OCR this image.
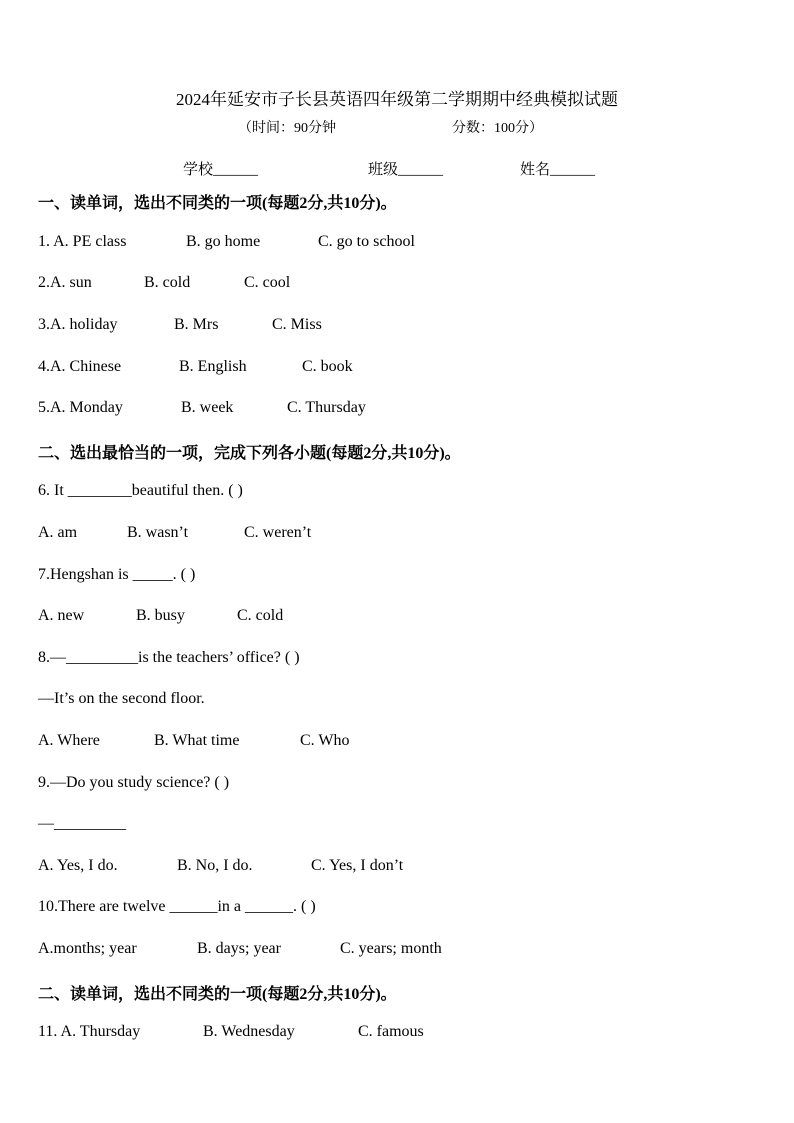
2024年延安市子长县英语四年级第二学期期中经典模拟试题
（时间：90分钟	分数：100分）
学校______	班级______	姓名______
一、读单词，选出不同类的一项(每题2分,共10分)。
1. A. PE class	B. go home	C. go to school
2.A. sun	B. cold	C. cool
3.A. holiday	B. Mrs	C. Miss
4.A. Chinese	B. English	C. book
5.A. Monday	B. week	C. Thursday
二、选出最恰当的一项，完成下列各小题(每题2分,共10分)。
6. It ________beautiful then. ( )
A. am	B. wasn’t	C. weren’t
7.Hengshan is _____. ( )
A. new	B. busy	C. cold
8.—_________is the teachers’ office? ( )
—It’s on the second floor.
A. Where	B. What time	C. Who
9.—Do you study science? ( )
—_________
A. Yes, I do.	B. No, I do.	C. Yes, I don’t
10.There are twelve ______in a ______. ( )
A.months; year	B. days; year	C. years; month
二、读单词，选出不同类的一项(每题2分,共10分)。
11. A. Thursday	B. Wednesday	C. famous
